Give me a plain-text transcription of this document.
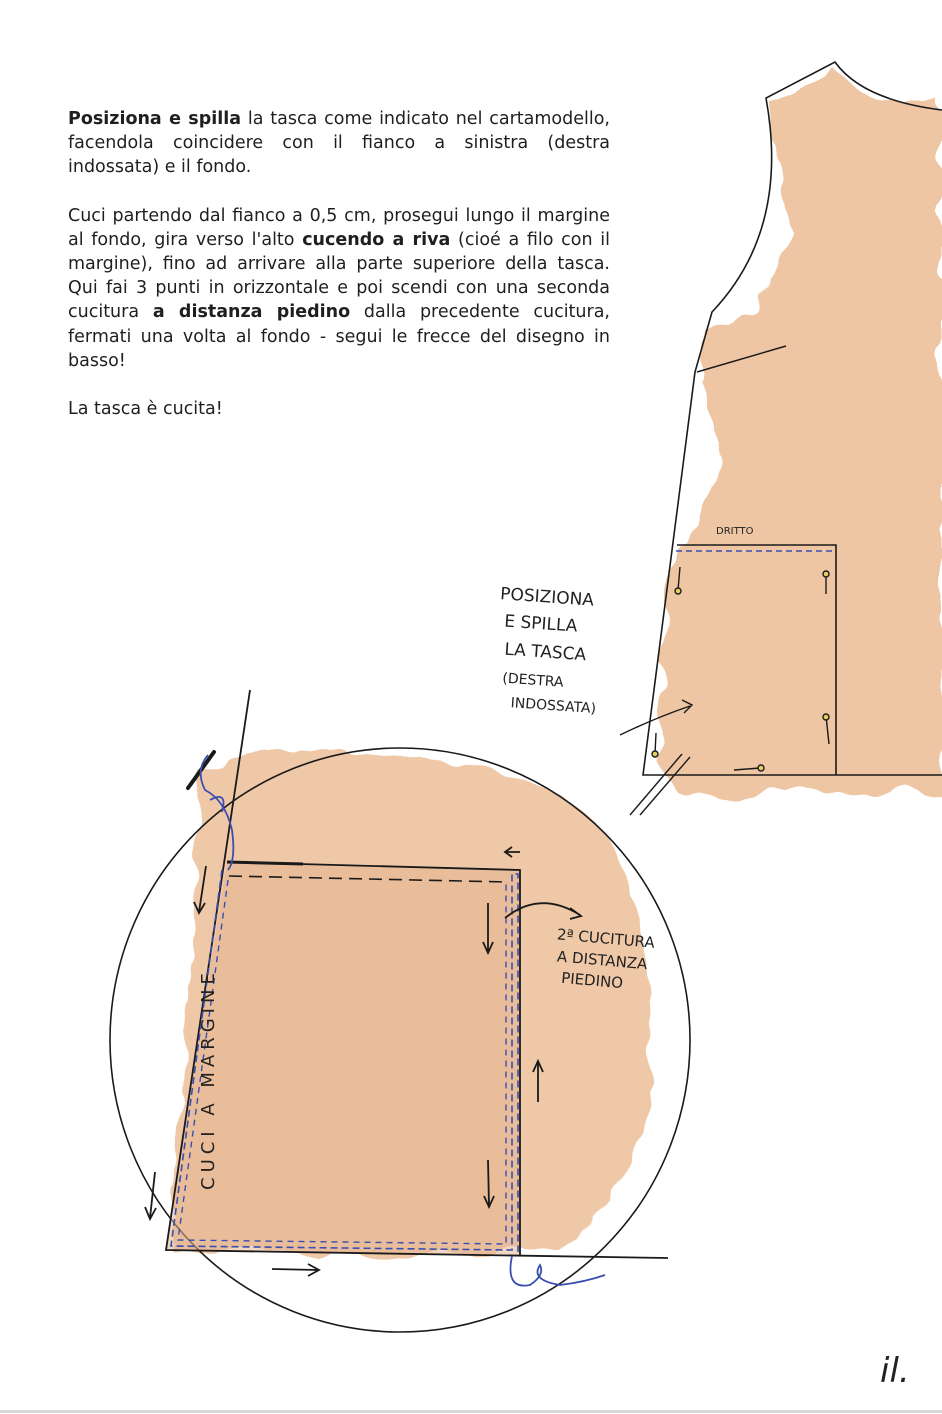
Posiziona e spilla la tasca come indicato nel cartamodello, facendola coincidere con il fianco a sinistra (destra indossata) e il fondo.

Cuci partendo dal fianco a 0,5 cm, prosegui lungo il margine al fondo, gira verso l'alto cucendo a riva (cioé a filo con il margine), fino ad arrivare alla parte superiore della tasca. Qui fai 3 punti in orizzontale e poi scendi con una seconda cucitura a distanza piedino dalla precedente cucitura, fermati una volta al fondo - segui le frecce del disegno in basso!

La tasca è cucita!

DRITTO
POSIZIONA
E SPILLA
LA TASCA
(DESTRA
INDOSSATA)
2ª CUCITURA
A DISTANZA
PIEDINO
CUCI A MARGINE
il.
